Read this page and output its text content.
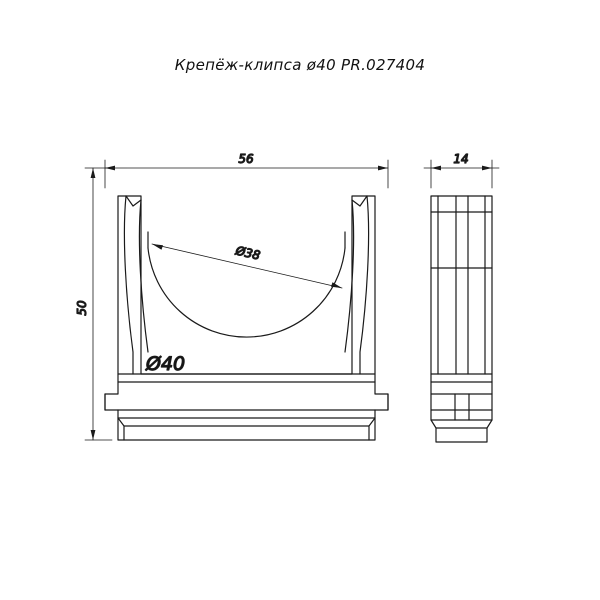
Крепёж-клипса ø40 PR.027404
56
50
Ø38
Ø40
14
